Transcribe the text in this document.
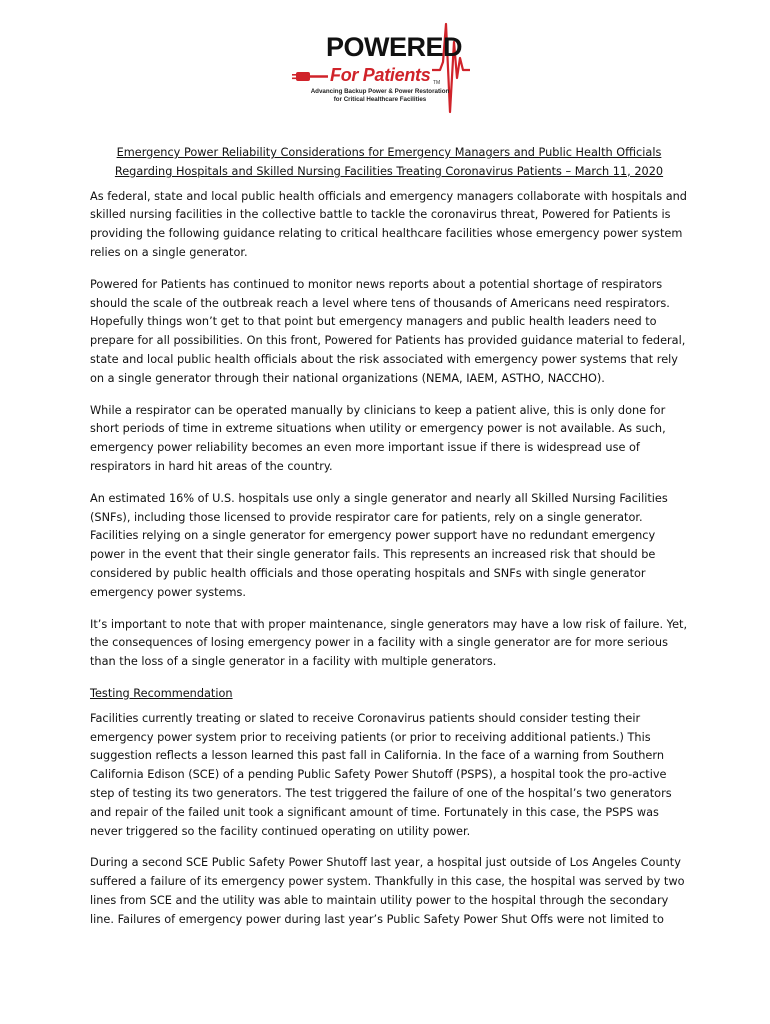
POWERED
For Patients TM
Advancing Backup Power & Power Restoration
for Critical Healthcare Facilities
Emergency Power Reliability Considerations for Emergency Managers and Public Health Officials
Regarding Hospitals and Skilled Nursing Facilities Treating Coronavirus Patients – March 11, 2020

As federal, state and local public health officials and emergency managers collaborate with hospitals and skilled nursing facilities in the collective battle to tackle the coronavirus threat, Powered for Patients is providing the following guidance relating to critical healthcare facilities whose emergency power system relies on a single generator.

Powered for Patients has continued to monitor news reports about a potential shortage of respirators should the scale of the outbreak reach a level where tens of thousands of Americans need respirators. Hopefully things won’t get to that point but emergency managers and public health leaders need to prepare for all possibilities. On this front, Powered for Patients has provided guidance material to federal, state and local public health officials about the risk associated with emergency power systems that rely on a single generator through their national organizations (NEMA, IAEM, ASTHO, NACCHO).

While a respirator can be operated manually by clinicians to keep a patient alive, this is only done for short periods of time in extreme situations when utility or emergency power is not available. As such, emergency power reliability becomes an even more important issue if there is widespread use of respirators in hard hit areas of the country.

An estimated 16% of U.S. hospitals use only a single generator and nearly all Skilled Nursing Facilities (SNFs), including those licensed to provide respirator care for patients, rely on a single generator. Facilities relying on a single generator for emergency power support have no redundant emergency power in the event that their single generator fails. This represents an increased risk that should be considered by public health officials and those operating hospitals and SNFs with single generator emergency power systems.

It’s important to note that with proper maintenance, single generators may have a low risk of failure. Yet, the consequences of losing emergency power in a facility with a single generator are for more serious than the loss of a single generator in a facility with multiple generators.

Testing Recommendation

Facilities currently treating or slated to receive Coronavirus patients should consider testing their emergency power system prior to receiving patients (or prior to receiving additional patients.) This suggestion reflects a lesson learned this past fall in California. In the face of a warning from Southern California Edison (SCE) of a pending Public Safety Power Shutoff (PSPS), a hospital took the pro-active step of testing its two generators. The test triggered the failure of one of the hospital’s two generators and repair of the failed unit took a significant amount of time. Fortunately in this case, the PSPS was never triggered so the facility continued operating on utility power.

During a second SCE Public Safety Power Shutoff last year, a hospital just outside of Los Angeles County suffered a failure of its emergency power system. Thankfully in this case, the hospital was served by two lines from SCE and the utility was able to maintain utility power to the hospital through the secondary line. Failures of emergency power during last year’s Public Safety Power Shut Offs were not limited to
